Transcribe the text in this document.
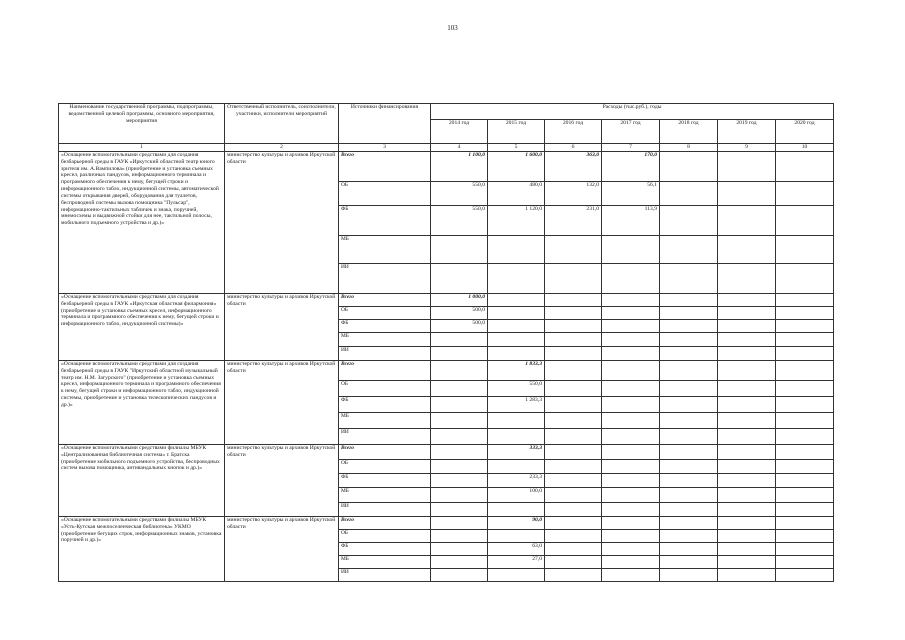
103
Наименование государственной программы, подпрограммы, ведомственной целевой программы, основного мероприятия, мероприятия	Ответственный исполнитель, соисполнители, участники, исполнители мероприятий	Источники финансирования	Расходы (тыс.руб.), годы						
			2014 год	2015 год	2016 год	2017 год	2018 год	2019 год	2020 год
1	2	3	4	5	6	7	8	9	10
«Оснащение вспомогательными средствами для создания безбарьерной среды в ГАУК «Иркутский областной театр юного зрителя им. А.Вампилова» (приобретение и установка съемных кресел, различных пандусов, информационного терминала и программного обеспечения к нему, бегущей строки и информационного табло, индукционной системы, автоматической системы открывания дверей, оборудования для туалетов, беспроводной системы вызова помощника "Пульсар", информационно-тактильных табличек и знака, поручней, мнемосхемы и выдвижной стойки для нее, тактильной полосы, мобильного подъемного устройства и др.)»	министерство культуры и архивов Иркутской области	Всего	1 100,0	1 600,0	363,0	170,0			
		ОБ	550,0	480,0	132,0	56,1			
		ФБ	550,0	1 120,0	231,0	113,9			
		МБ							
		ИИ							
«Оснащение вспомогательными средствами для создания безбарьерной среды в ГАУК «Иркутская областная филармония» (приобретение и установка съемных кресел, информационного терминала и программного обеспечения к нему, бегущей строки и информационного табло, индукционной системы)»	министерство культуры и архивов Иркутской области	Всего	1 000,0						
		ОБ	500,0						
		ФБ	500,0						
		МБ							
		ИИ							
«Оснащение вспомогательными средствами для создания безбарьерной среды в ГАУК "Иркутский областной музыкальный театр им. Н.М. Загурского" (приобретение и установка съемных кресел, информационного терминала и программного обеспечения к нему, бегущей строки и информационного табло, индукционной системы, приобретение и установка телескопических пандусов и др.)»	министерство культуры и архивов Иркутской области	Всего		1 833,3					
		ОБ		550,0					
		ФБ		1 283,3					
		МБ							
		ИИ							
«Оснащение вспомогательными средствами филиалы МБУК «Централизованная библиотечная система» г. Братска (приобретение мобильного подъемного устройства, беспроводных систем вызова помощника, антивандальных кнопок и др.)»	министерство культуры и архивов Иркутской области	Всего		333,3					
		ОБ							
		ФБ		233,3					
		МБ		100,0					
		ИИ							
«Оснащение вспомогательными средствами филиалы МБУК «Усть-Кутская межпоселенческая библиотека» УКМО (приобретение бегущих строк, информационных знаков, установка поручней и др.)»	министерство культуры и архивов Иркутской области	Всего		90,0					
		ОБ							
		ФБ		63,0					
		МБ		27,0					
		ИИ							
